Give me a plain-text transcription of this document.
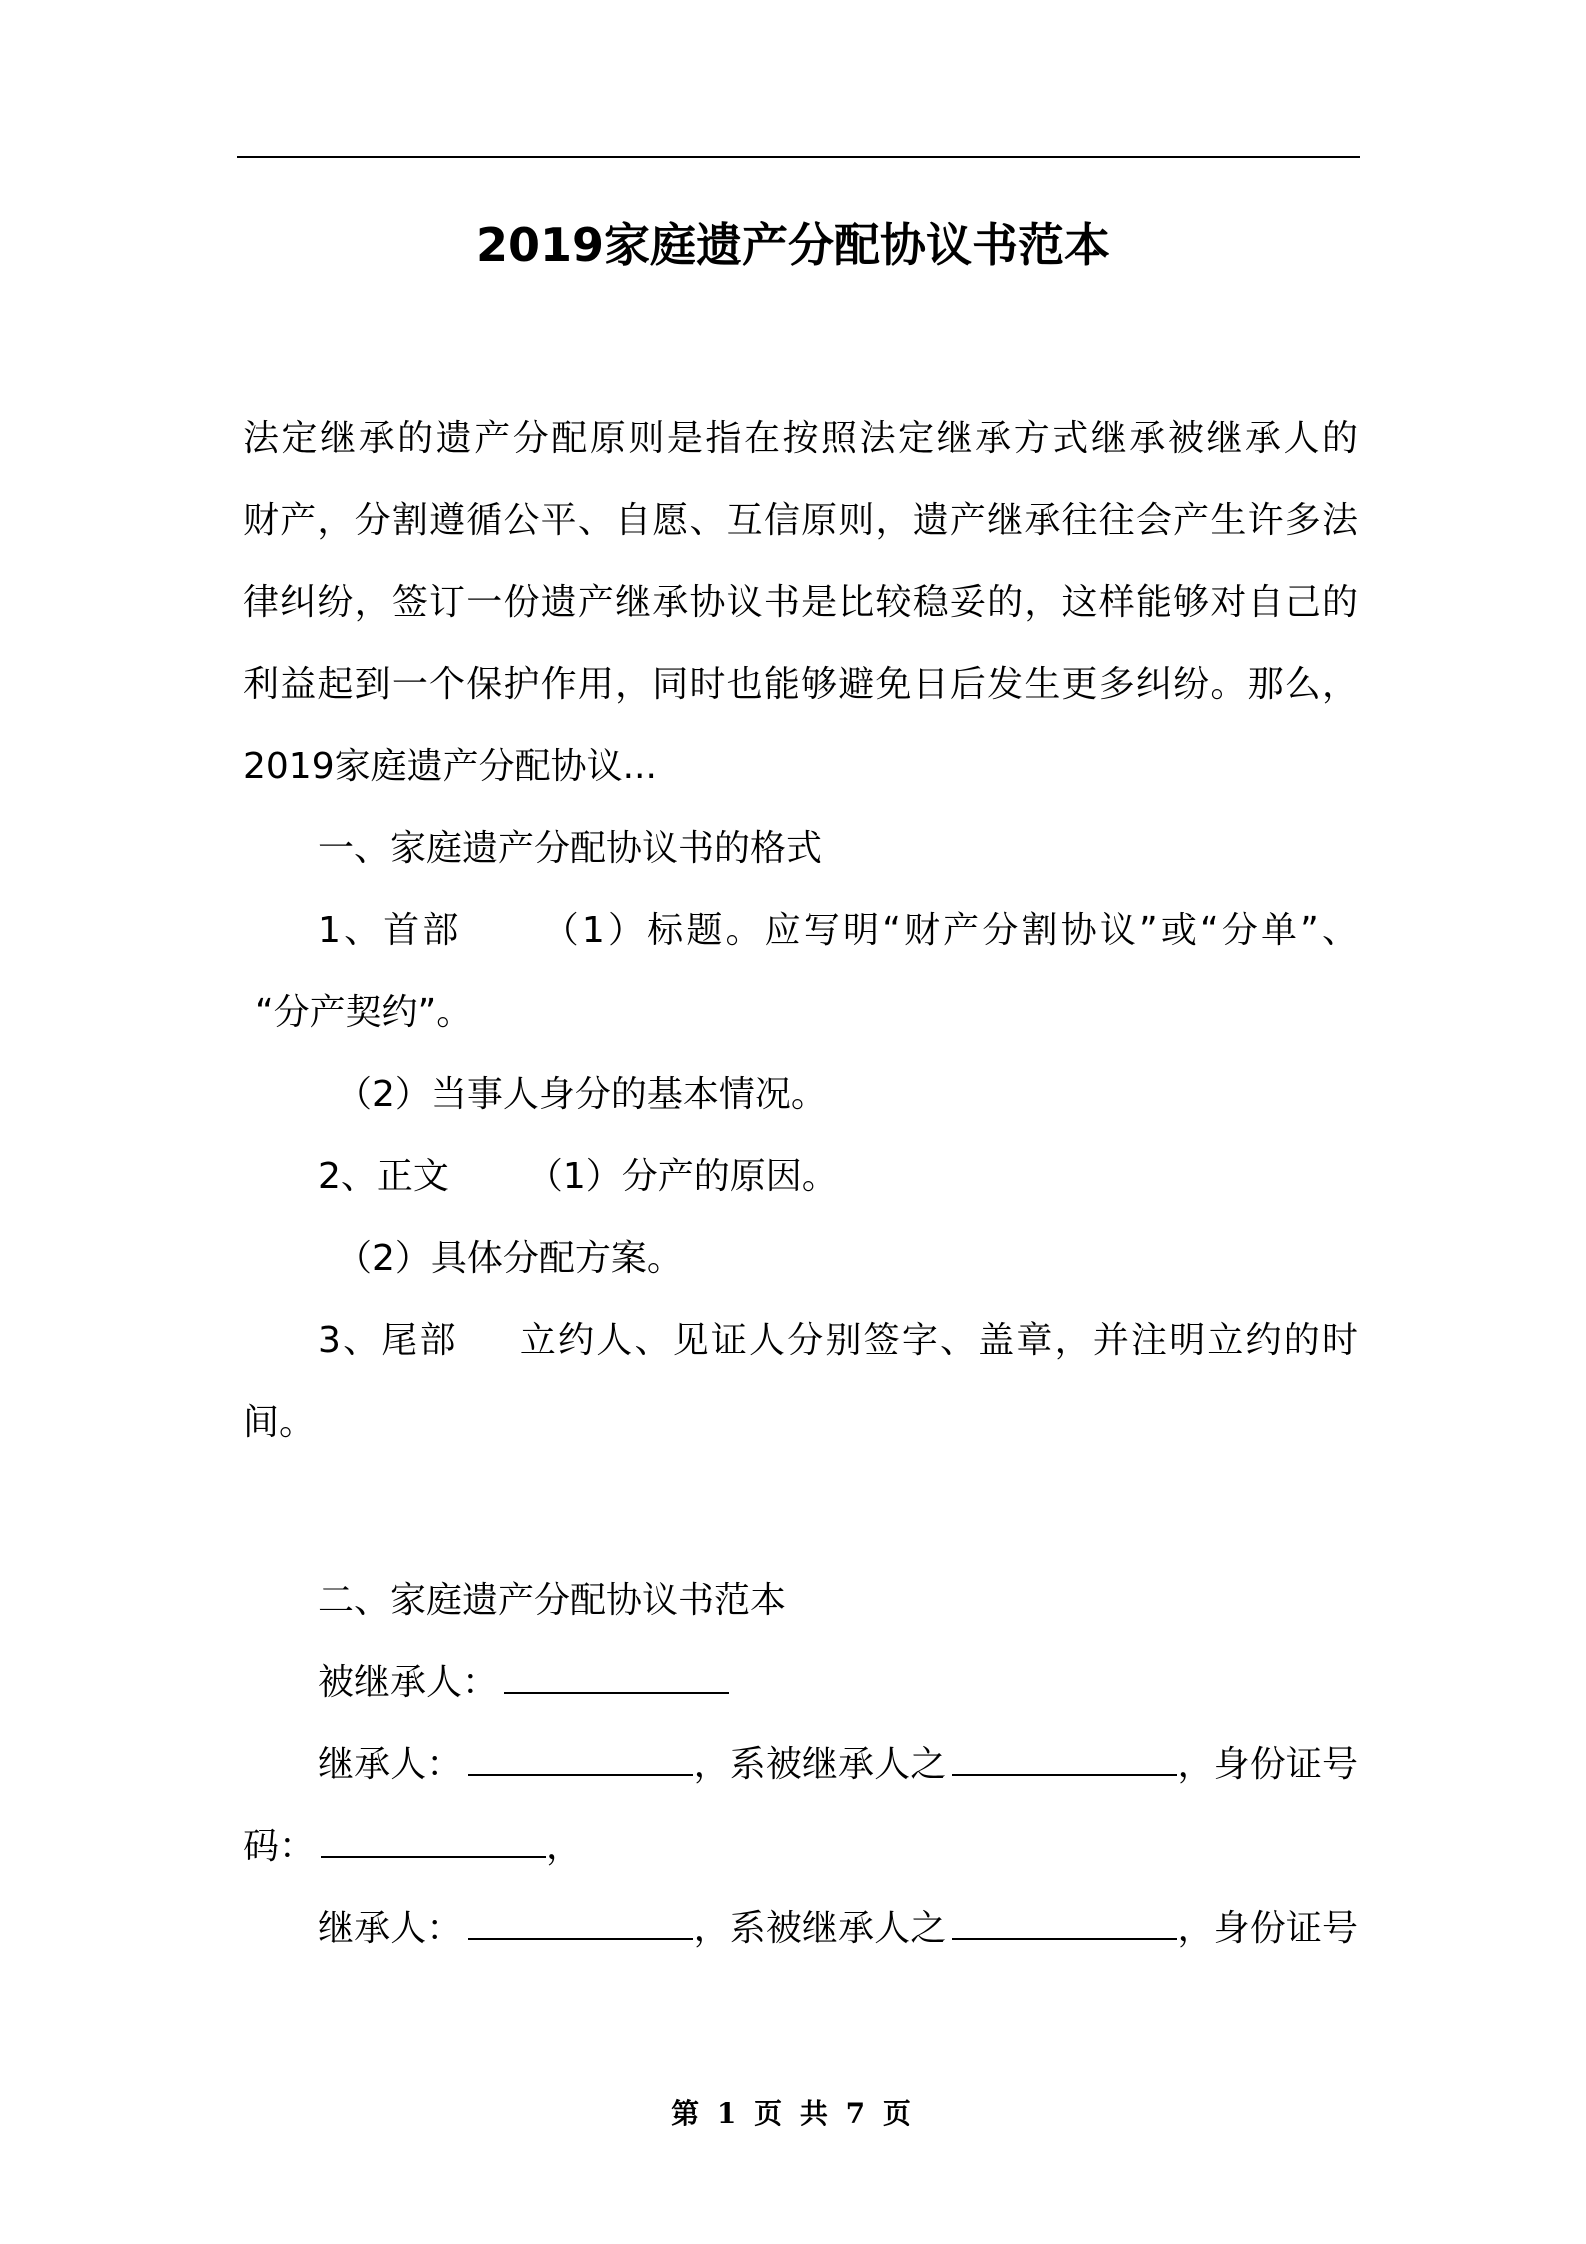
2019家庭遗产分配协议书范本
法定继承的遗产分配原则是指在按照法定继承方式继承被继承人的
财产，分割遵循公平、自愿、互信原则，遗产继承往往会产生许多法
律纠纷，签订一份遗产继承协议书是比较稳妥的，这样能够对自己的
利益起到一个保护作用，同时也能够避免日后发生更多纠纷。那么，
2019家庭遗产分配协议...
一、家庭遗产分配协议书的格式
1、首部 （1）标题。应写明“财产分割协议”或“分单”、
“分产契约”。
（2）当事人身分的基本情况。
2、正文 （1）分产的原因。
（2）具体分配方案。
3、尾部 立约人、见证人分别签字、盖章，并注明立约的时
间。
二、家庭遗产分配协议书范本
被继承人：
继承人：	，系被继承人之	，身份证号
码：	，
继承人：	，系被继承人之	，身份证号
第 1 页 共 7 页
